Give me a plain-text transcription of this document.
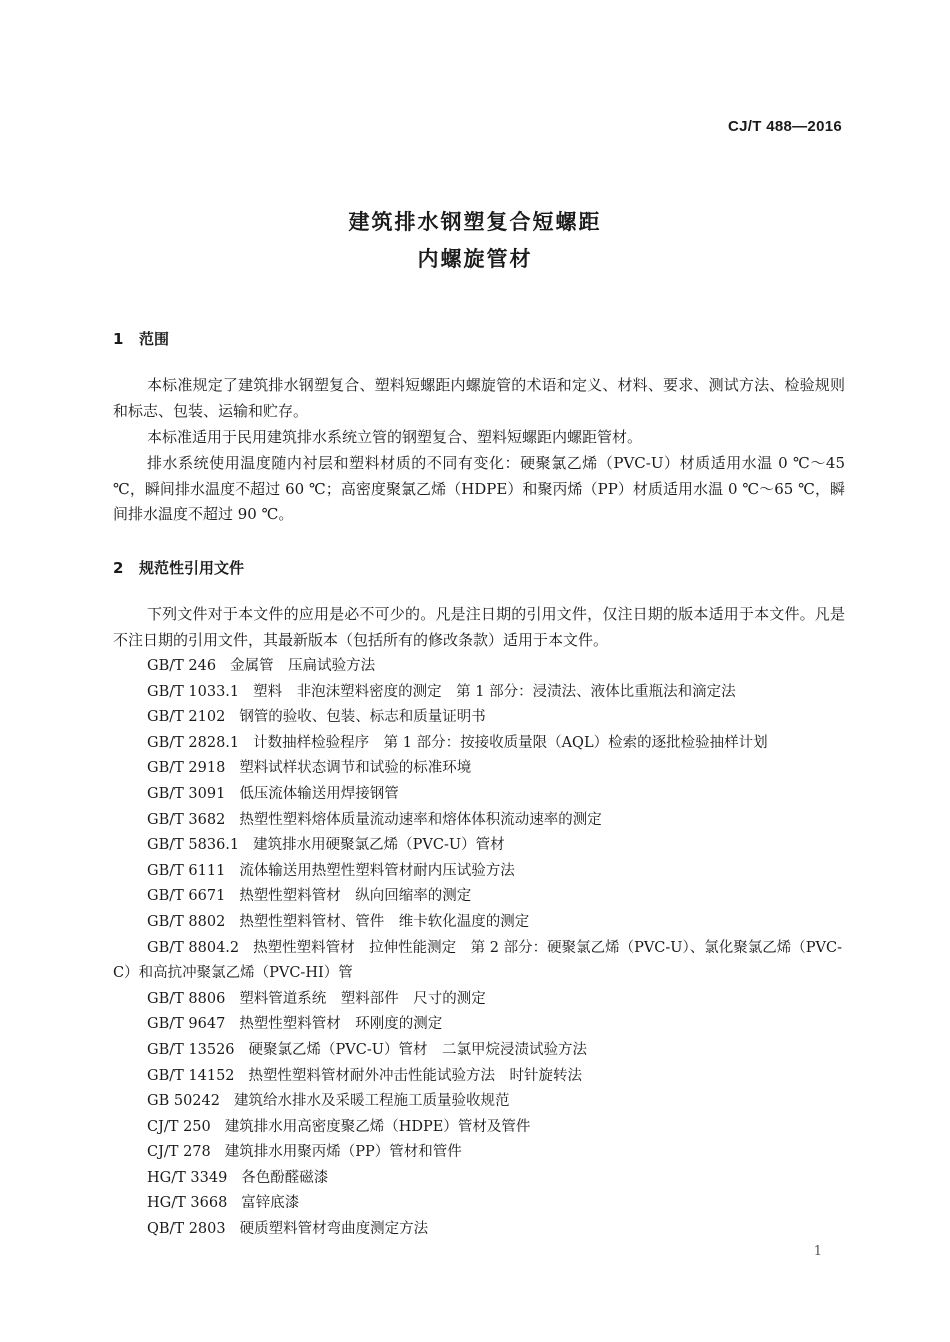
CJ/T 488—2016
建筑排水钢塑复合短螺距
内螺旋管材
1 范围

本标准规定了建筑排水钢塑复合、塑料短螺距内螺旋管的术语和定义、材料、要求、测试方法、检验规则和标志、包装、运输和贮存。

本标准适用于民用建筑排水系统立管的钢塑复合、塑料短螺距内螺距管材。

排水系统使用温度随内衬层和塑料材质的不同有变化：硬聚氯乙烯（PVC-U）材质适用水温 0 ℃～45 ℃，瞬间排水温度不超过 60 ℃；高密度聚氯乙烯（HDPE）和聚丙烯（PP）材质适用水温 0 ℃～65 ℃，瞬间排水温度不超过 90 ℃。

2 规范性引用文件

下列文件对于本文件的应用是必不可少的。凡是注日期的引用文件，仅注日期的版本适用于本文件。凡是不注日期的引用文件，其最新版本（包括所有的修改条款）适用于本文件。

GB/T 246 金属管　压扁试验方法
GB/T 1033.1 塑料　非泡沫塑料密度的测定　第 1 部分：浸渍法、液体比重瓶法和滴定法
GB/T 2102 钢管的验收、包装、标志和质量证明书
GB/T 2828.1 计数抽样检验程序　第 1 部分：按接收质量限（AQL）检索的逐批检验抽样计划
GB/T 2918 塑料试样状态调节和试验的标准环境
GB/T 3091 低压流体输送用焊接钢管
GB/T 3682 热塑性塑料熔体质量流动速率和熔体体积流动速率的测定
GB/T 5836.1 建筑排水用硬聚氯乙烯（PVC-U）管材
GB/T 6111 流体输送用热塑性塑料管材耐内压试验方法
GB/T 6671 热塑性塑料管材　纵向回缩率的测定
GB/T 8802 热塑性塑料管材、管件　维卡软化温度的测定
GB/T 8804.2 热塑性塑料管材　拉伸性能测定　第 2 部分：硬聚氯乙烯（PVC-U）、氯化聚氯乙烯（PVC-C）和高抗冲聚氯乙烯（PVC-HI）管
GB/T 8806 塑料管道系统　塑料部件　尺寸的测定
GB/T 9647 热塑性塑料管材　环刚度的测定
GB/T 13526 硬聚氯乙烯（PVC-U）管材　二氯甲烷浸渍试验方法
GB/T 14152 热塑性塑料管材耐外冲击性能试验方法　时针旋转法
GB 50242 建筑给水排水及采暖工程施工质量验收规范
CJ/T 250 建筑排水用高密度聚乙烯（HDPE）管材及管件
CJ/T 278 建筑排水用聚丙烯（PP）管材和管件
HG/T 3349 各色酚醛磁漆
HG/T 3668 富锌底漆
QB/T 2803 硬质塑料管材弯曲度测定方法
1
